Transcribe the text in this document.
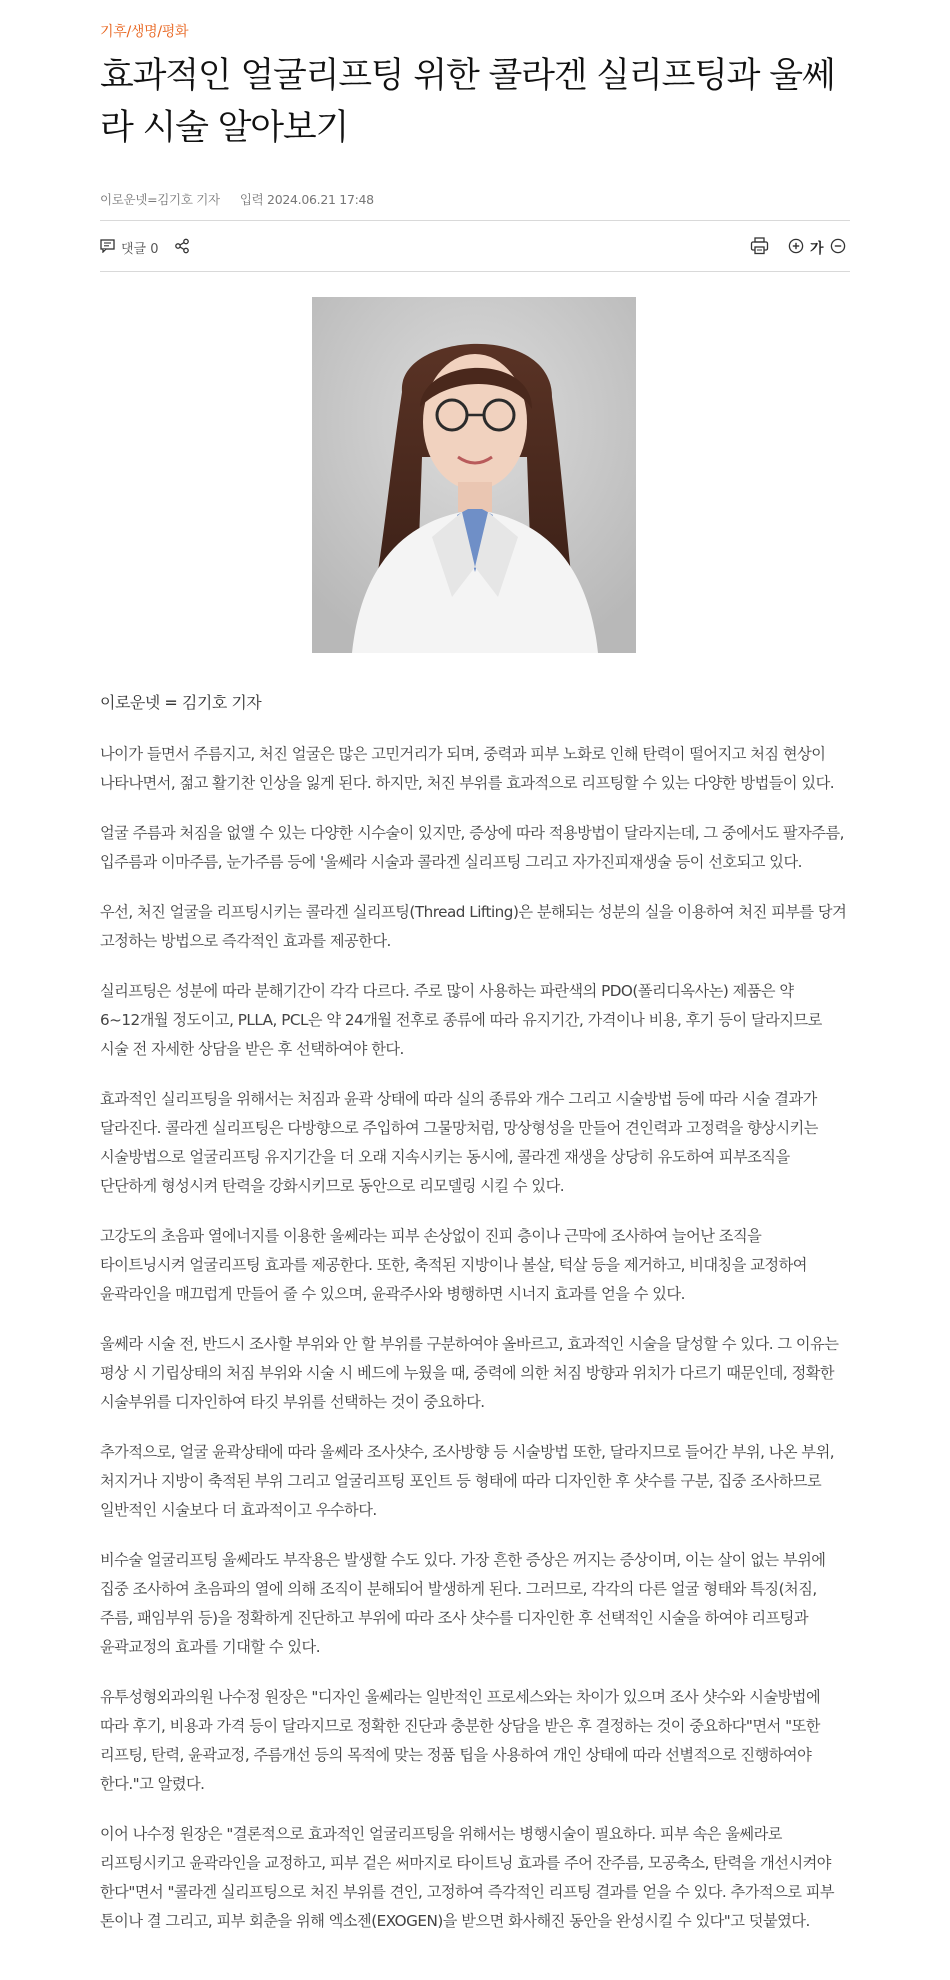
기후/생명/평화
효과적인 얼굴리프팅 위한 콜라겐 실리프팅과 울쎄라 시술 알아보기
이로운넷=김기호 기자 입력 2024.06.21 17:48
댓글 0	가

이로운넷 = 김기호 기자

나이가 들면서 주름지고, 처진 얼굴은 많은 고민거리가 되며, 중력과 피부 노화로 인해 탄력이 떨어지고 처짐 현상이 나타나면서, 젊고 활기찬 인상을 잃게 된다. 하지만, 처진 부위를 효과적으로 리프팅할 수 있는 다양한 방법들이 있다.

얼굴 주름과 처짐을 없앨 수 있는 다양한 시수술이 있지만, 증상에 따라 적용방법이 달라지는데, 그 중에서도 팔자주름, 입주름과 이마주름, 눈가주름 등에 '울쎄라 시술과 콜라겐 실리프팅 그리고 자가진피재생술 등이 선호되고 있다.

우선, 처진 얼굴을 리프팅시키는 콜라겐 실리프팅(Thread Lifting)은 분해되는 성분의 실을 이용하여 처진 피부를 당겨 고정하는 방법으로 즉각적인 효과를 제공한다.

실리프팅은 성분에 따라 분해기간이 각각 다르다. 주로 많이 사용하는 파란색의 PDO(폴리디옥사논) 제품은 약 6~12개월 정도이고, PLLA, PCL은 약 24개월 전후로 종류에 따라 유지기간, 가격이나 비용, 후기 등이 달라지므로 시술 전 자세한 상담을 받은 후 선택하여야 한다.

효과적인 실리프팅을 위해서는 처짐과 윤곽 상태에 따라 실의 종류와 개수 그리고 시술방법 등에 따라 시술 결과가 달라진다. 콜라겐 실리프팅은 다방향으로 주입하여 그물망처럼, 망상형성을 만들어 견인력과 고정력을 향상시키는 시술방법으로 얼굴리프팅 유지기간을 더 오래 지속시키는 동시에, 콜라겐 재생을 상당히 유도하여 피부조직을 단단하게 형성시켜 탄력을 강화시키므로 동안으로 리모델링 시킬 수 있다.

고강도의 초음파 열에너지를 이용한 울쎄라는 피부 손상없이 진피 층이나 근막에 조사하여 늘어난 조직을 타이트닝시켜 얼굴리프팅 효과를 제공한다. 또한, 축적된 지방이나 볼살, 턱살 등을 제거하고, 비대칭을 교정하여 윤곽라인을 매끄럽게 만들어 줄 수 있으며, 윤곽주사와 병행하면 시너지 효과를 얻을 수 있다.

울쎄라 시술 전, 반드시 조사할 부위와 안 할 부위를 구분하여야 올바르고, 효과적인 시술을 달성할 수 있다. 그 이유는 평상 시 기립상태의 처짐 부위와 시술 시 베드에 누웠을 때, 중력에 의한 처짐 방향과 위치가 다르기 때문인데, 정확한 시술부위를 디자인하여 타깃 부위를 선택하는 것이 중요하다.

추가적으로, 얼굴 윤곽상태에 따라 울쎄라 조사샷수, 조사방향 등 시술방법 또한, 달라지므로 들어간 부위, 나온 부위, 처지거나 지방이 축적된 부위 그리고 얼굴리프팅 포인트 등 형태에 따라 디자인한 후 샷수를 구분, 집중 조사하므로 일반적인 시술보다 더 효과적이고 우수하다.

비수술 얼굴리프팅 울쎄라도 부작용은 발생할 수도 있다. 가장 흔한 증상은 꺼지는 증상이며, 이는 살이 없는 부위에 집중 조사하여 초음파의 열에 의해 조직이 분해되어 발생하게 된다. 그러므로, 각각의 다른 얼굴 형태와 특징(처짐, 주름, 패임부위 등)을 정확하게 진단하고 부위에 따라 조사 샷수를 디자인한 후 선택적인 시술을 하여야 리프팅과 윤곽교정의 효과를 기대할 수 있다.

유투성형외과의원 나수정 원장은 "디자인 울쎄라는 일반적인 프로세스와는 차이가 있으며 조사 샷수와 시술방법에 따라 후기, 비용과 가격 등이 달라지므로 정확한 진단과 충분한 상담을 받은 후 결정하는 것이 중요하다"면서 "또한 리프팅, 탄력, 윤곽교정, 주름개선 등의 목적에 맞는 정품 팁을 사용하여 개인 상태에 따라 선별적으로 진행하여야 한다."고 알렸다.

이어 나수정 원장은 "결론적으로 효과적인 얼굴리프팅을 위해서는 병행시술이 필요하다. 피부 속은 울쎄라로 리프팅시키고 윤곽라인을 교정하고, 피부 겉은 써마지로 타이트닝 효과를 주어 잔주름, 모공축소, 탄력을 개선시켜야 한다"면서 "콜라겐 실리프팅으로 처진 부위를 견인, 고정하여 즉각적인 리프팅 결과를 얻을 수 있다. 추가적으로 피부 톤이나 결 그리고, 피부 회춘을 위해 엑소젠(EXOGEN)을 받으면 화사해진 동안을 완성시킬 수 있다"고 덧붙였다.
